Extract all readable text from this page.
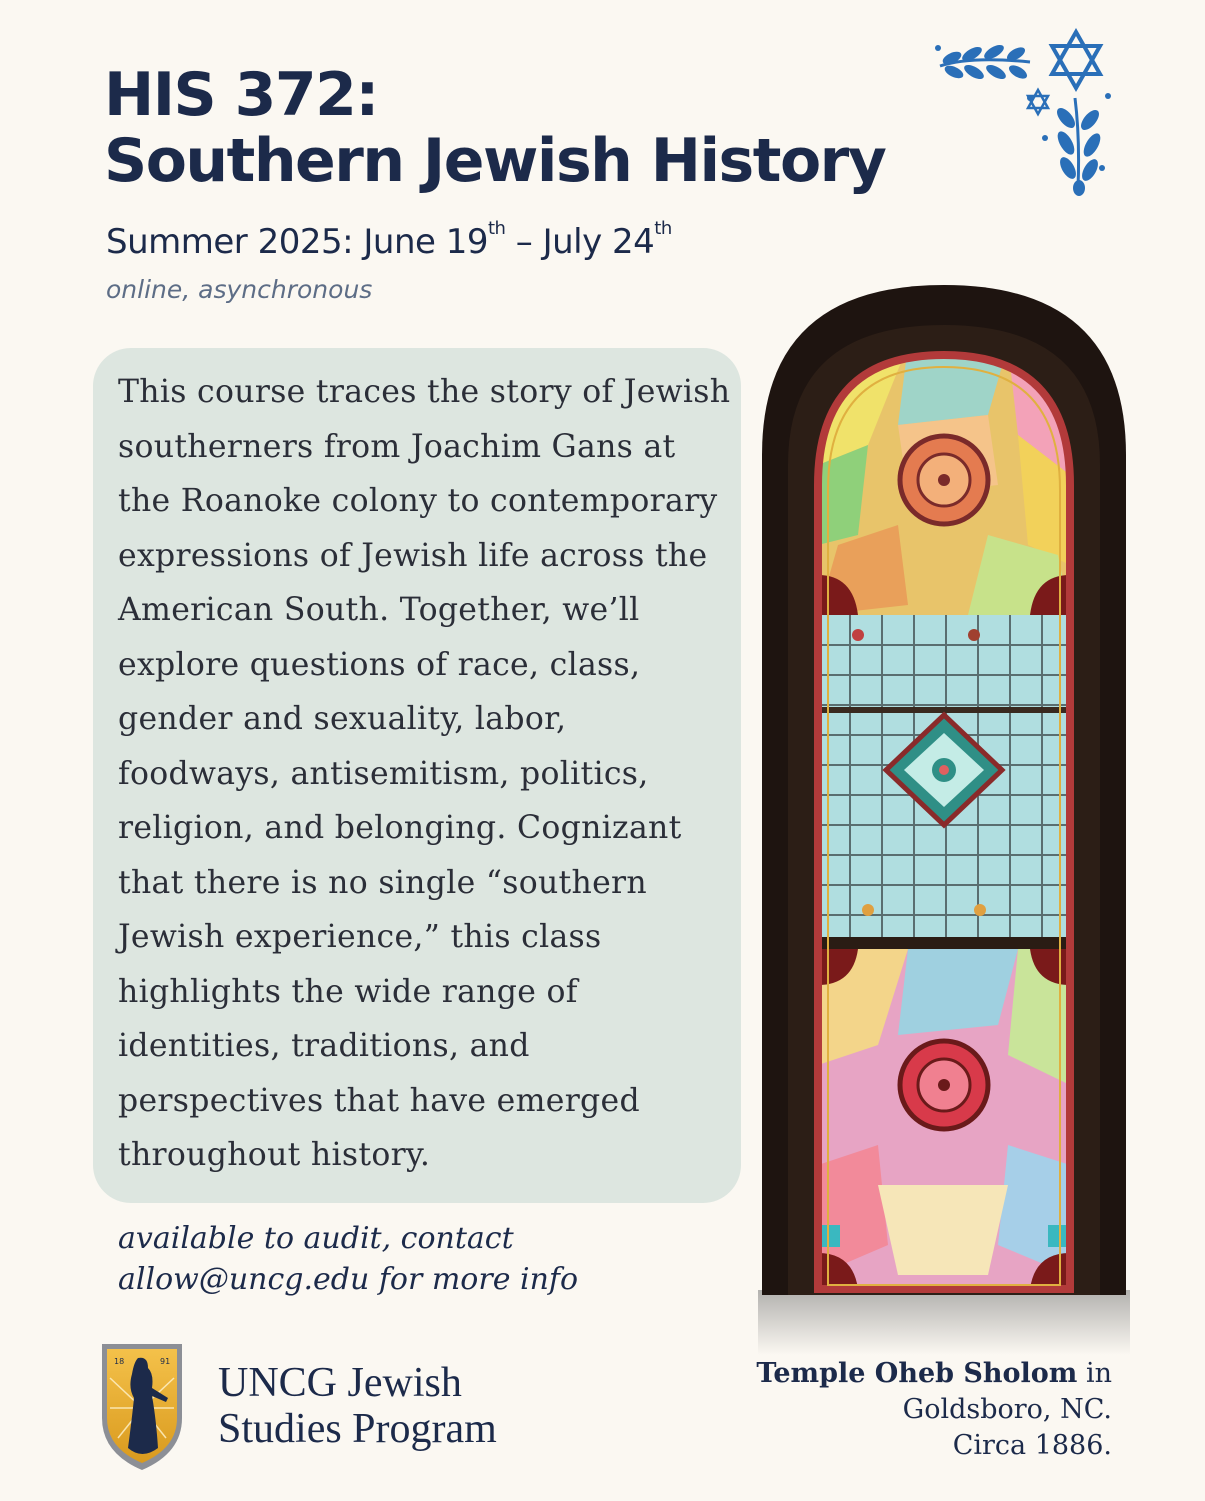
HIS 372:
Southern Jewish History
Summer 2025: June 19th – July 24th
online, asynchronous

This course traces the story of Jewish southerners from Joachim Gans at the Roanoke colony to contemporary expressions of Jewish life across the American South. Together, we’ll explore questions of race, class, gender and sexuality, labor, foodways, antisemitism, politics, religion, and belonging. Cognizant that there is no single “southern Jewish experience,” this class highlights the wide range of identities, traditions, and perspectives that have emerged throughout history.

available to audit, contact
allow@uncg.edu for more info
18	91 UNCG Jewish
Studies Program
Temple Oheb Sholom in
Goldsboro, NC.
Circa 1886.
